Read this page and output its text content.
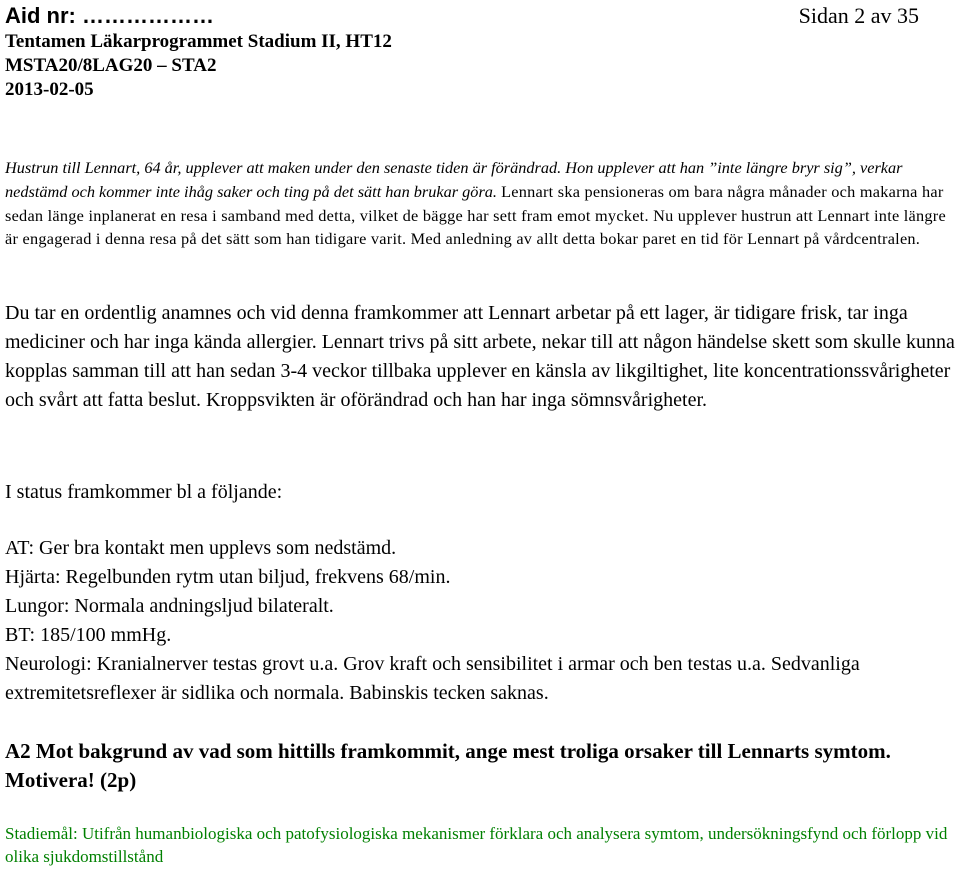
Aid nr: ………………	Sidan 2 av 35
Tentamen Läkarprogrammet Stadium II, HT12
MSTA20/8LAG20 – STA2
2013-02-05
Hustrun till Lennart, 64 år, upplever att maken under den senaste tiden är förändrad. Hon upplever att han ”inte längre bryr sig”, verkar nedstämd och kommer inte ihåg saker och ting på det sätt han brukar göra. Lennart ska pensioneras om bara några månader och makarna har sedan länge inplanerat en resa i samband med detta, vilket de bägge har sett fram emot mycket. Nu upplever hustrun att Lennart inte längre är engagerad i denna resa på det sätt som han tidigare varit. Med anledning av allt detta bokar paret en tid för Lennart på vårdcentralen.
Du tar en ordentlig anamnes och vid denna framkommer att Lennart arbetar på ett lager, är tidigare frisk, tar inga mediciner och har inga kända allergier. Lennart trivs på sitt arbete, nekar till att någon händelse skett som skulle kunna kopplas samman till att han sedan 3-4 veckor tillbaka upplever en känsla av likgiltighet, lite koncentrationssvårigheter och svårt att fatta beslut. Kroppsvikten är oförändrad och han har inga sömnsvårigheter.
I status framkommer bl a följande:
AT: Ger bra kontakt men upplevs som nedstämd.
Hjärta: Regelbunden rytm utan biljud, frekvens 68/min.
Lungor: Normala andningsljud bilateralt.
BT: 185/100 mmHg.
Neurologi: Kranialnerver testas grovt u.a. Grov kraft och sensibilitet i armar och ben testas u.a. Sedvanliga extremitetsreflexer är sidlika och normala. Babinskis tecken saknas.
A2 Mot bakgrund av vad som hittills framkommit, ange mest troliga orsaker till Lennarts symtom. Motivera! (2p)
Stadiemål: Utifrån humanbiologiska och patofysiologiska mekanismer förklara och analysera symtom, undersökningsfynd och förlopp vid olika sjukdomstillstånd
